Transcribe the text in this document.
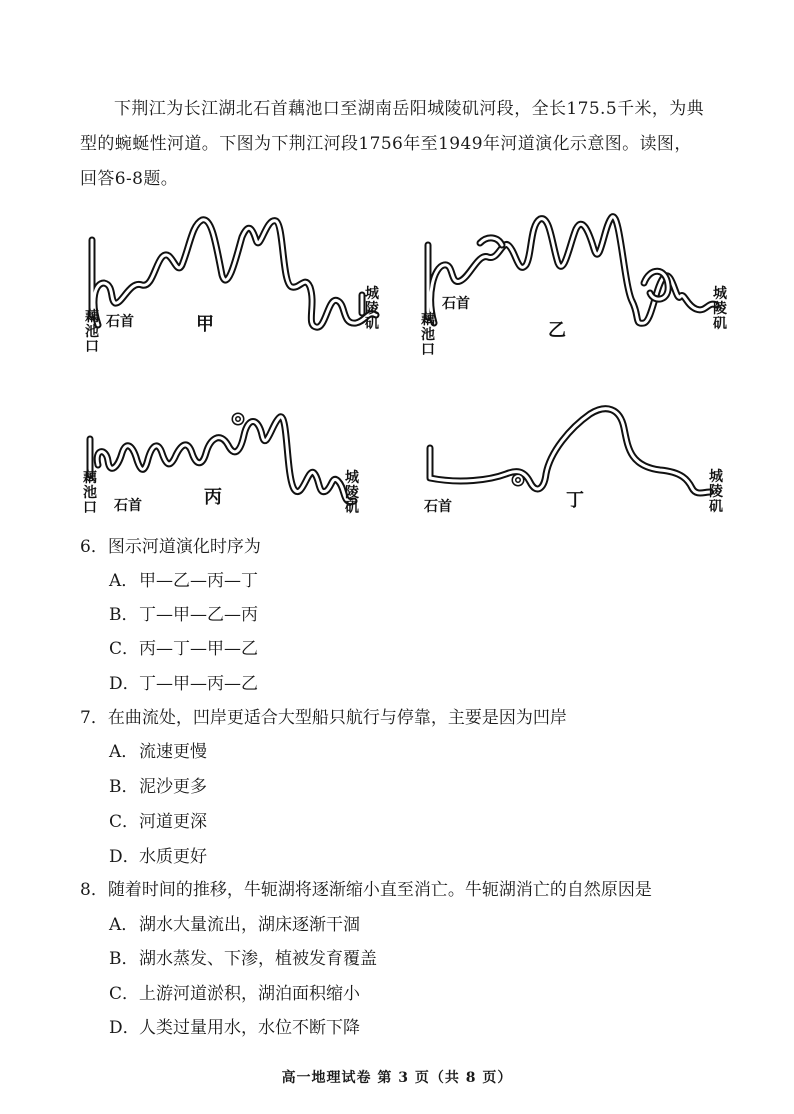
下荆江为长江湖北石首藕池口至湖南岳阳城陵矶河段，全长175.5千米，为典
型的蜿蜒性河道。下图为下荆江河段1756年至1949年河道演化示意图。读图，
回答6-8题。

藕池口
石首	甲
城陵矶	藕池口
石首
乙
城陵矶
藕池口 石首	丙
城陵矶	石首	丁
城陵矶

6．图示河道演化时序为

A．甲—乙—丙—丁
B．丁—甲—乙—丙
C．丙—丁—甲—乙
D．丁—甲—丙—乙

7．在曲流处，凹岸更适合大型船只航行与停靠，主要是因为凹岸

A．流速更慢
B．泥沙更多
C．河道更深
D．水质更好

8．随着时间的推移，牛轭湖将逐渐缩小直至消亡。牛轭湖消亡的自然原因是

A．湖水大量流出，湖床逐渐干涸
B．湖水蒸发、下渗，植被发育覆盖
C．上游河道淤积，湖泊面积缩小
D．人类过量用水，水位不断下降
高一地理试卷 第 3 页（共 8 页）
